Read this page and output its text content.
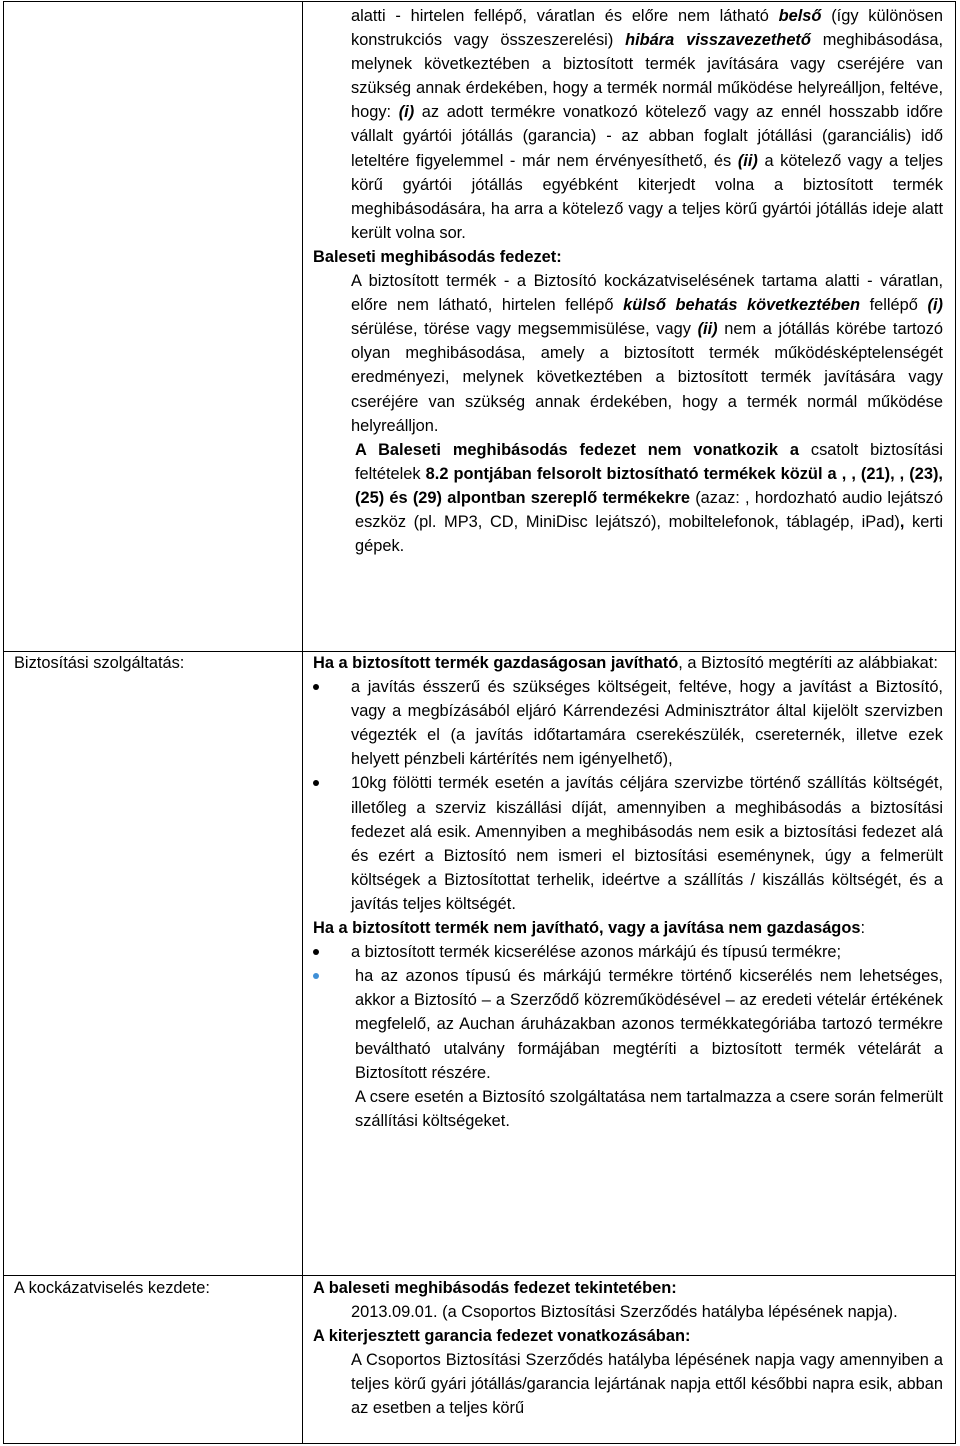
alatti - hirtelen fellépő, váratlan és előre nem látható belső (így különösen konstrukciós vagy összeszerelési) hibára visszavezethető meghibásodása, melynek következtében a biztosított termék javítására vagy cseréjére van szükség annak érdekében, hogy a termék normál működése helyreálljon, feltéve, hogy: (i) az adott termékre vonatkozó kötelező vagy az ennél hosszabb időre vállalt gyártói jótállás (garancia) - az abban foglalt jótállási (garanciális) idő leteltére figyelemmel - már nem érvényesíthető, és (ii) a kötelező vagy a teljes körű gyártói jótállás egyébként kiterjedt volna a biztosított termék meghibásodására, ha arra a kötelező vagy a teljes körű gyártói jótállás ideje alatt került volna sor.

Baleseti meghibásodás fedezet:

A biztosított termék - a Biztosító kockázatviselésének tartama alatti - váratlan, előre nem látható, hirtelen fellépő külső behatás következtében fellépő (i) sérülése, törése vagy megsemmisülése, vagy (ii) nem a jótállás körébe tartozó olyan meghibásodása, amely a biztosított termék működésképtelenségét eredményezi, melynek következtében a biztosított termék javítására vagy cseréjére van szükség annak érdekében, hogy a termék normál működése helyreálljon.

A Baleseti meghibásodás fedezet nem vonatkozik a csatolt biztosítási feltételek 8.2 pontjában felsorolt biztosítható termékek közül a , , (21), , (23), (25) és (29) alpontban szereplő termékekre (azaz: , hordozható audio lejátszó eszköz (pl. MP3, CD, MiniDisc lejátszó), mobiltelefonok, táblagép, iPad), kerti gépek.

Biztosítási szolgáltatás:	Ha a biztosított termék gazdaságosan javítható, a Biztosító megtéríti az alábbiakat:

a javítás ésszerű és szükséges költségeit, feltéve, hogy a javítást a Biztosító, vagy a megbízásából eljáró Kárrendezési Adminisztrátor által kijelölt szervizben végezték el (a javítás időtartamára cserekészülék, csereternék, illetve ezek helyett pénzbeli kártérítés nem igényelhető),
10kg fölötti termék esetén a javítás céljára szervizbe történő szállítás költségét, illetőleg a szerviz kiszállási díját, amennyiben a meghibásodás a biztosítási fedezet alá esik. Amennyiben a meghibásodás nem esik a biztosítási fedezet alá és ezért a Biztosító nem ismeri el biztosítási eseménynek, úgy a felmerült költségek a Biztosítottat terhelik, ideértve a szállítás / kiszállás költségét, és a javítás teljes költségét.

Ha a biztosított termék nem javítható, vagy a javítása nem gazdaságos:

a biztosított termék kicserélése azonos márkájú és típusú termékre;
ha az azonos típusú és márkájú termékre történő kicserélés nem lehetséges, akkor a Biztosító – a Szerződő közreműködésével – az eredeti vételár értékének megfelelő, az Auchan áruházakban azonos termékkategóriába tartozó termékre beváltható utalvány formájában megtéríti a biztosított termék vételárát a Biztosított részére.

A csere esetén a Biztosító szolgáltatása nem tartalmazza a csere során felmerült szállítási költségeket.

A kockázatviselés kezdete:	A baleseti meghibásodás fedezet tekintetében:

2013.09.01. (a Csoportos Biztosítási Szerződés hatályba lépésének napja).

A kiterjesztett garancia fedezet vonatkozásában:

A Csoportos Biztosítási Szerződés hatályba lépésének napja vagy amennyiben a teljes körű gyári jótállás/garancia lejártának napja ettől későbbi napra esik, abban az esetben a teljes körű
